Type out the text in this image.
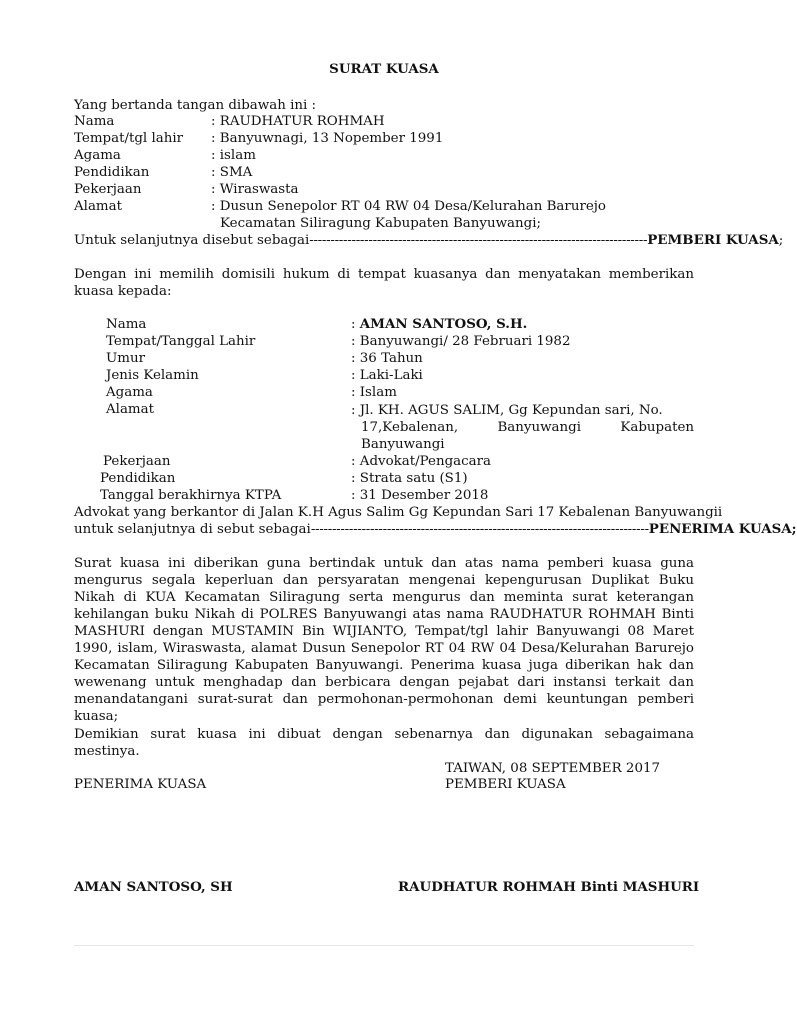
SURAT KUASA
Yang bertanda tangan dibawah ini :
Nama	: RAUDHATUR ROHMAH
Tempat/tgl lahir : Banyuwnagi, 13 Nopember 1991
Agama	: islam
Pendidikan	: SMA
Pekerjaan	: Wiraswasta
Alamat	: Dusun Senepolor RT 04 RW 04 Desa/Kelurahan Barurejo
Kecamatan Siliragung Kabupaten Banyuwangi;
Untuk selanjutnya disebut sebagai -------------------------------------------------------------------------------- PEMBERI KUASA ;
Dengan ini memilih domisili hukum di tempat kuasanya dan menyatakan memberikan kuasa kepada:
Nama	: AMAN SANTOSO, S.H.
Tempat/Tanggal Lahir	: Banyuwangi/ 28 Februari 1982
Umur	: 36 Tahun
Jenis Kelamin	: Laki-Laki
Agama	: Islam
Alamat	: Jl. KH. AGUS SALIM, Gg Kepundan sari, No.
17,Kebalenan, Banyuwangi Kabupaten Banyuwangi
Pekerjaan	: Advokat/Pengacara
Pendidikan	: Strata satu (S1)
Tanggal berakhirnya KTPA	: 31 Desember 2018
Advokat yang berkantor di Jalan K.H Agus Salim Gg Kepundan Sari 17 Kebalenan Banyuwangii
untuk selanjutnya di sebut sebagai -------------------------------------------------------------------------------- PENERIMA KUASA;
Surat kuasa ini diberikan guna bertindak untuk dan atas nama pemberi kuasa guna mengurus segala keperluan dan persyaratan mengenai kepengurusan Duplikat Buku Nikah di KUA Kecamatan Siliragung serta mengurus dan meminta surat keterangan kehilangan buku Nikah di POLRES Banyuwangi atas nama RAUDHATUR ROHMAH Binti MASHURI dengan MUSTAMIN Bin WIJIANTO, Tempat/tgl lahir Banyuwangi 08 Maret 1990, islam, Wiraswasta, alamat Dusun Senepolor RT 04 RW 04 Desa/Kelurahan Barurejo Kecamatan Siliragung Kabupaten Banyuwangi. Penerima kuasa juga diberikan hak dan wewenang untuk menghadap dan berbicara dengan pejabat dari instansi terkait dan menandatangani surat-surat dan permohonan-permohonan demi keuntungan pemberi kuasa;
Demikian surat kuasa ini dibuat dengan sebenarnya dan digunakan sebagaimana mestinya.
TAIWAN, 08 SEPTEMBER 2017
PENERIMA KUASA	PEMBERI KUASA
AMAN SANTOSO, SH	RAUDHATUR ROHMAH Binti MASHURI
